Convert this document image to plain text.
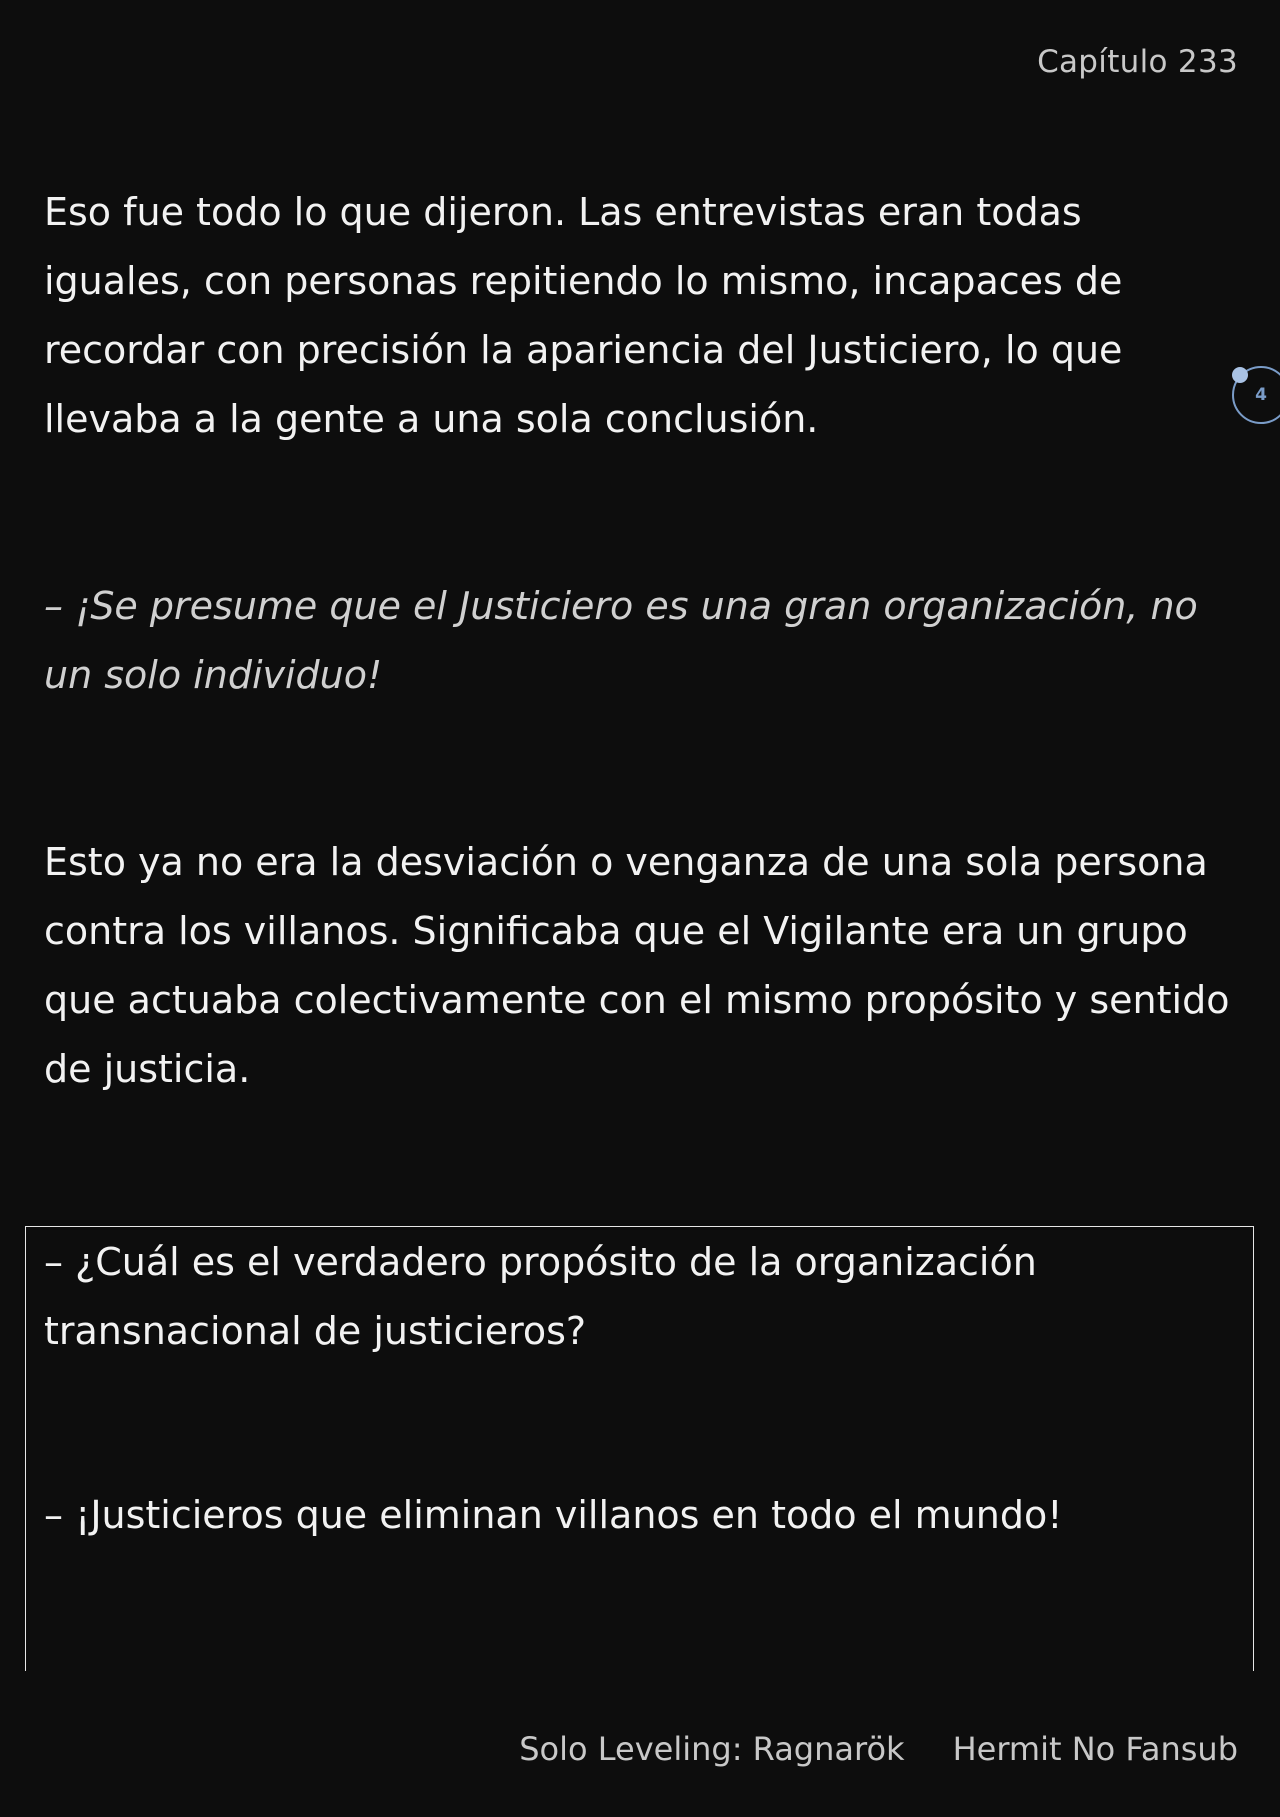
Capítulo 233

Eso fue todo lo que dijeron. Las entrevistas eran todas iguales, con personas repitiendo lo mismo, incapaces de recordar con precisión la apariencia del Justiciero, lo que llevaba a la gente a una sola conclusión.

4

– ¡Se presume que el Justiciero es una gran organización, no un solo individuo!

Esto ya no era la desviación o venganza de una sola persona contra los villanos. Significaba que el Vigilante era un grupo que actuaba colectivamente con el mismo propósito y sentido de justicia.

– ¿Cuál es el verdadero propósito de la organización transnacional de justicieros?

– ¡Justicieros que eliminan villanos en todo el mundo!

Solo Leveling: Ragnarök Hermit No Fansub
